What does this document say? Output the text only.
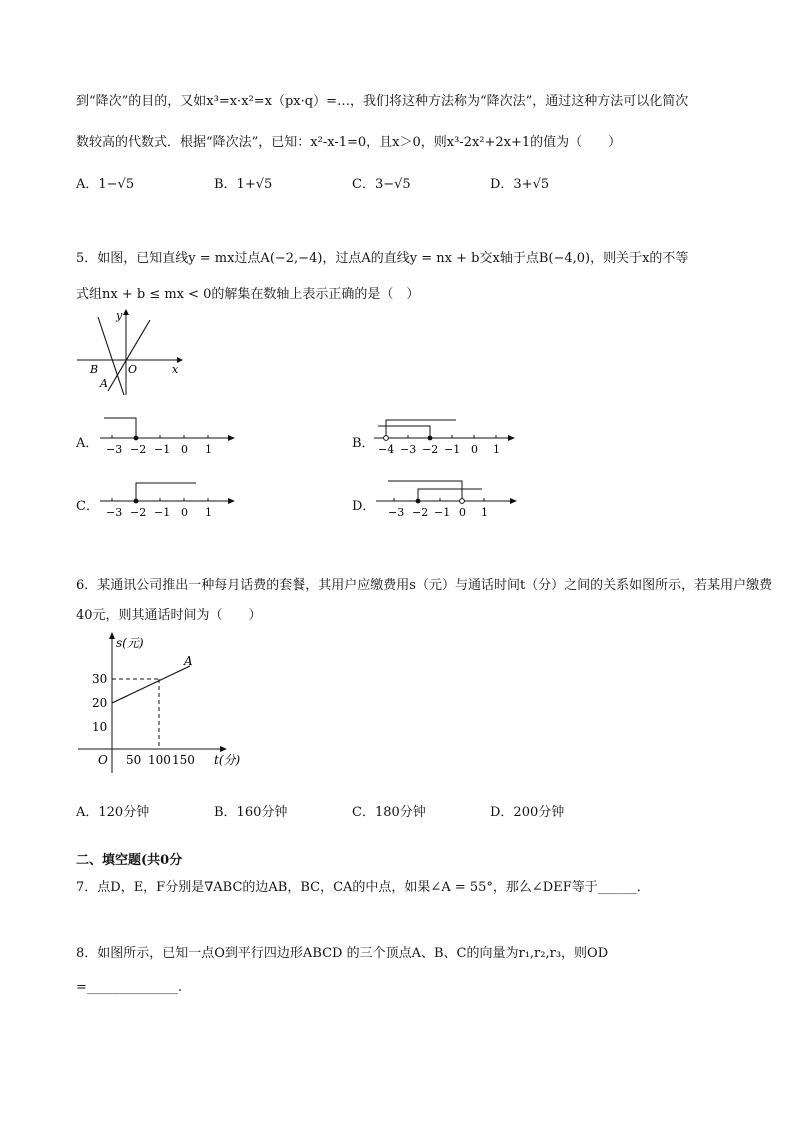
到“降次”的目的，又如x³=x·x²=x（px·q）=…，我们将这种方法称为“降次法”，通过这种方法可以化简次
数较高的代数式．根据“降次法”，已知：x²-x-1=0，且x＞0，则x³-2x²+2x+1的值为（　　）
A．1−√5	B．1+√5	C．3−√5	D．3+√5
5．如图，已知直线y = mx过点A(−2,−4)，过点A的直线y = nx + b交x轴于点B(−4,0)，则关于x的不等
式组nx + b ≤ mx < 0的解集在数轴上表示正确的是（　）
y
x
O
B
A
A． −3 −2 −1 0 1	B． −4 −3 −2 −1 0 1
C． −3 −2 −1 0 1	D． −3 −2 −1 0 1
6．某通讯公司推出一种每月话费的套餐，其用户应缴费用s（元）与通话时间t（分）之间的关系如图所示，若某用户缴费
40元，则其通话时间为（　　）
s(元)
t(分)
O
A
30
20
10
50 100 150
A．120分钟	B．160分钟	C．180分钟	D．200分钟
二、填空题(共0分
7．点D，E，F分别是∇ABC的边AB，BC，CA的中点，如果∠A = 55°，那么∠DEF等于______．
8．如图所示，已知一点O到平行四边形ABCD 的三个顶点A、B、C的向量为r₁,r₂,r₃，则OD
=______________.
